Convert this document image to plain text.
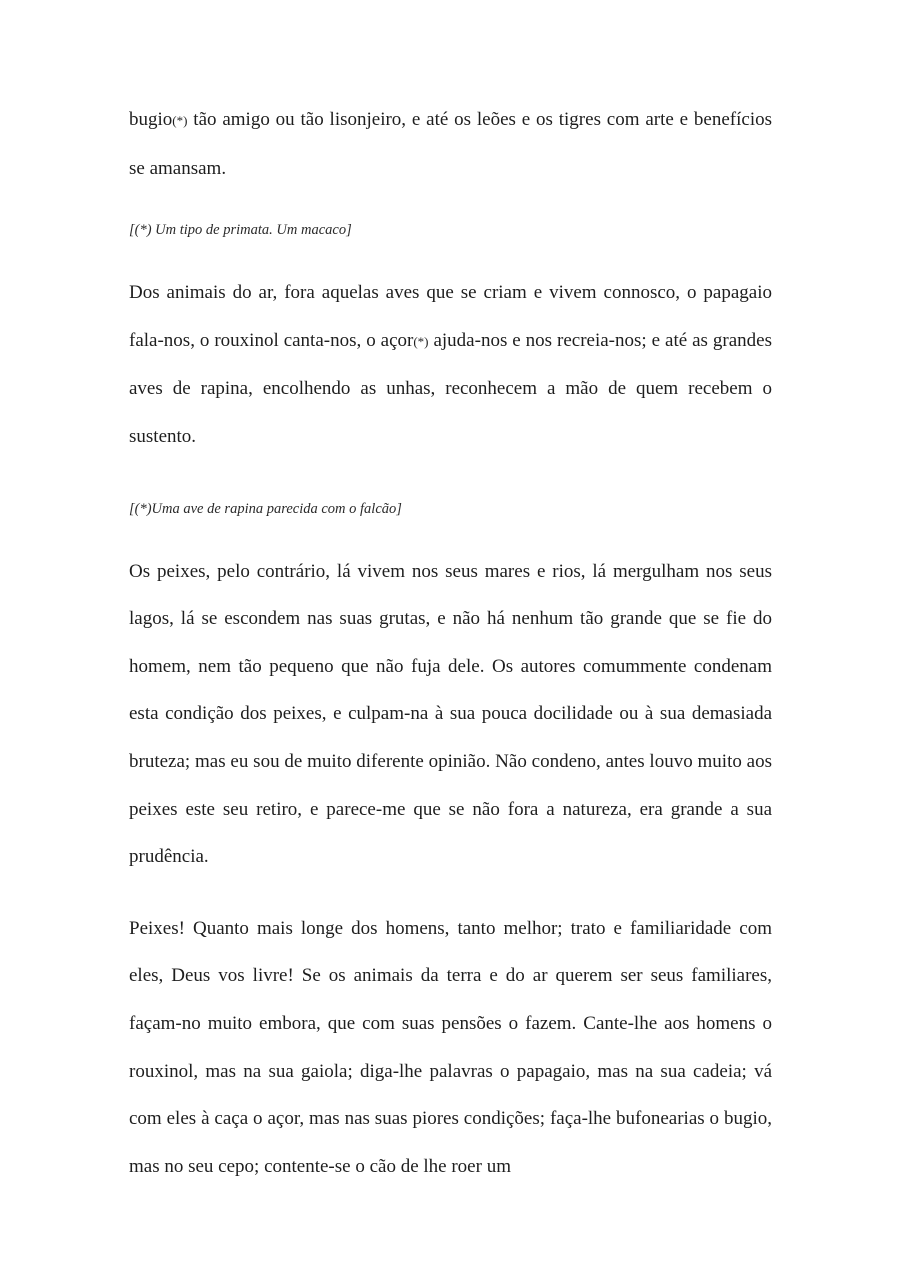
bugio(*) tão amigo ou tão lisonjeiro, e até os leões e os tigres com arte e benefícios se amansam.

[(*) Um tipo de primata. Um macaco]

Dos animais do ar, fora aquelas aves que se criam e vivem connosco, o papagaio fala-nos, o rouxinol canta-nos, o açor(*) ajuda-nos e nos recreia-nos; e até as grandes aves de rapina, encolhendo as unhas, reconhecem a mão de quem recebem o sustento.

[(*)Uma ave de rapina parecida com o falcão]

Os peixes, pelo contrário, lá vivem nos seus mares e rios, lá mergulham nos seus lagos, lá se escondem nas suas grutas, e não há nenhum tão grande que se fie do homem, nem tão pequeno que não fuja dele. Os autores comummente condenam esta condição dos peixes, e culpam-na à sua pouca docilidade ou à sua demasiada bruteza; mas eu sou de muito diferente opinião. Não condeno, antes louvo muito aos peixes este seu retiro, e parece-me que se não fora a natureza, era grande a sua prudência.

Peixes! Quanto mais longe dos homens, tanto melhor; trato e familiaridade com eles, Deus vos livre! Se os animais da terra e do ar querem ser seus familiares, façam-no muito embora, que com suas pensões o fazem. Cante-lhe aos homens o rouxinol, mas na sua gaiola; diga-lhe palavras o papagaio, mas na sua cadeia; vá com eles à caça o açor, mas nas suas piores condições; faça-lhe bufonearias o bugio, mas no seu cepo; contente-se o cão de lhe roer um
